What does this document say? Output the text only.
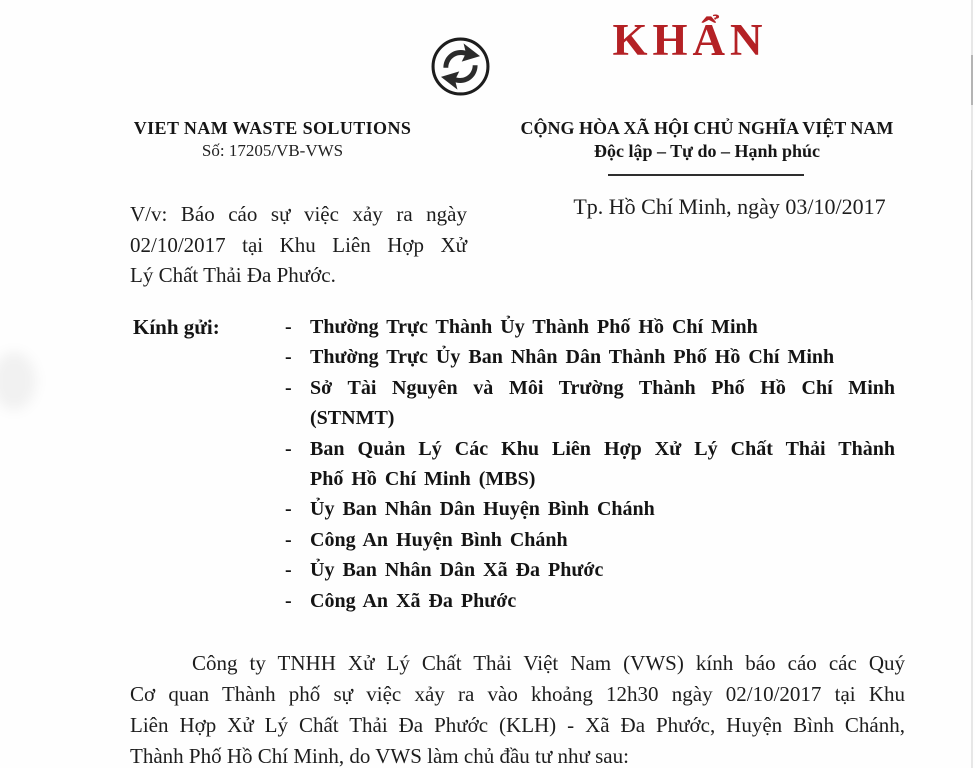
KHẨN
VIET NAM WASTE SOLUTIONS
Số: 17205/VB-VWS
CỘNG HÒA XÃ HỘI CHỦ NGHĨA VIỆT NAM
Độc lập – Tự do – Hạnh phúc
Tp. Hồ Chí Minh, ngày 03/10/2017
V/v: Báo cáo sự việc xảy ra ngày
02/10/2017 tại Khu Liên Hợp Xử
Lý Chất Thải Đa Phước.
Kính gửi:	- Thường Trực Thành Ủy Thành Phố Hồ Chí Minh
- Thường Trực Ủy Ban Nhân Dân Thành Phố Hồ Chí Minh
- Sở Tài Nguyên và Môi Trường Thành Phố Hồ Chí Minh
(STNMT)
- Ban Quản Lý Các Khu Liên Hợp Xử Lý Chất Thải Thành
Phố Hồ Chí Minh (MBS)
- Ủy Ban Nhân Dân Huyện Bình Chánh
- Công An Huyện Bình Chánh
- Ủy Ban Nhân Dân Xã Đa Phước
- Công An Xã Đa Phước
Công ty TNHH Xử Lý Chất Thải Việt Nam (VWS) kính báo cáo các Quý
Cơ quan Thành phố sự việc xảy ra vào khoảng 12h30 ngày 02/10/2017 tại Khu
Liên Hợp Xử Lý Chất Thải Đa Phước (KLH) - Xã Đa Phước, Huyện Bình Chánh,
Thành Phố Hồ Chí Minh, do VWS làm chủ đầu tư như sau:
